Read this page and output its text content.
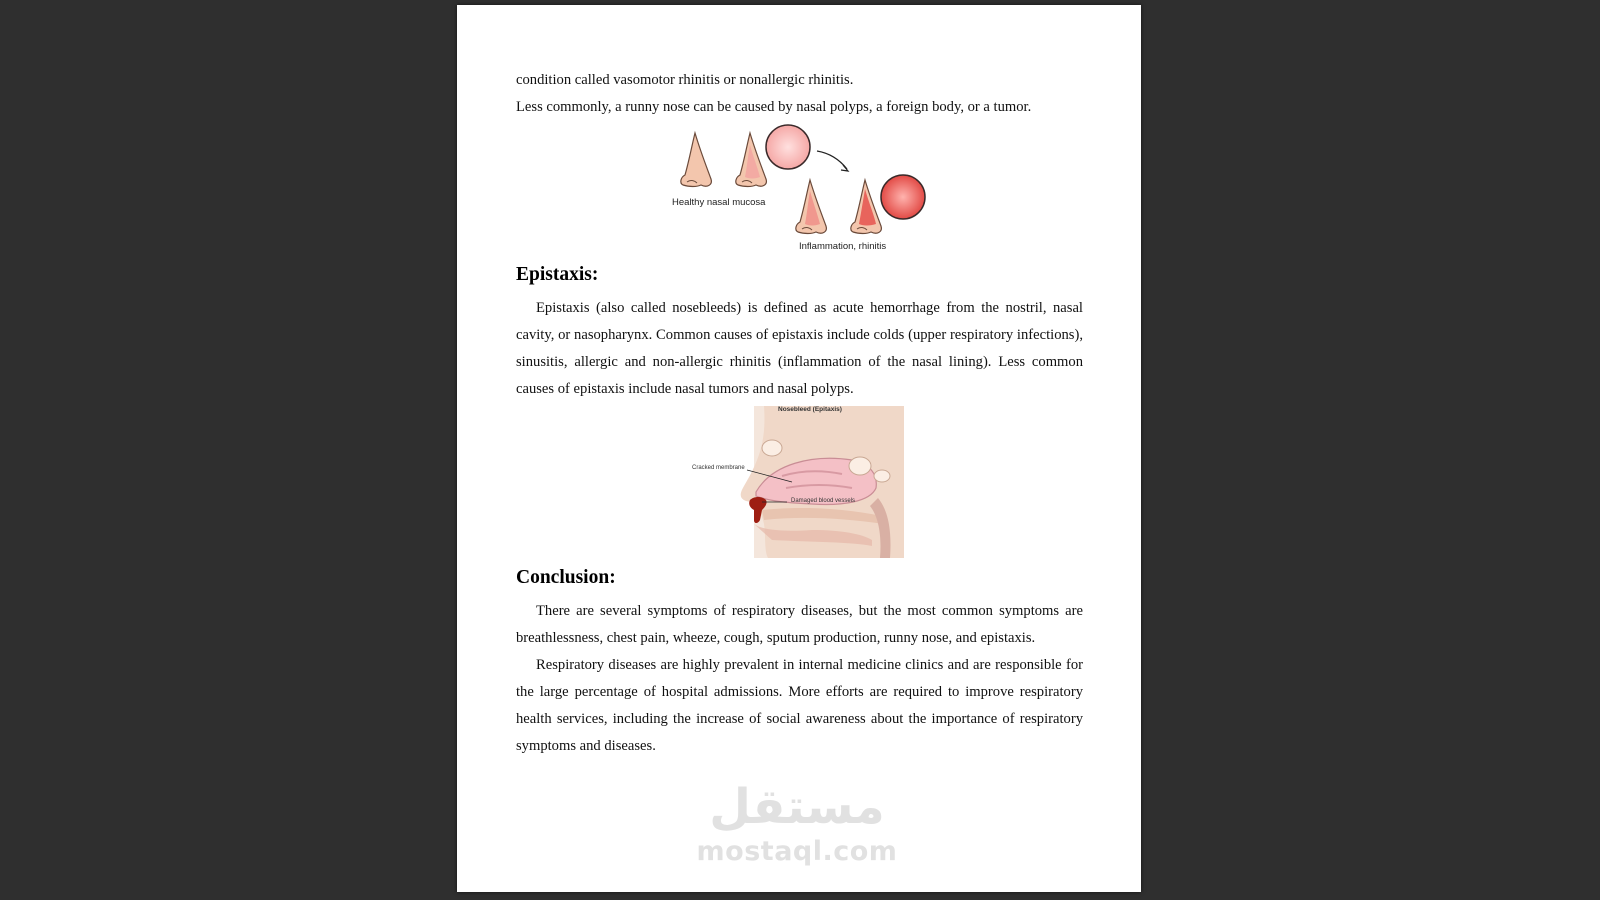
condition called vasomotor rhinitis or nonallergic rhinitis.

Less commonly, a runny nose can be caused by nasal polyps, a foreign body, or a tumor.

Healthy nasal mucosa
Inflammation, rhinitis
Epistaxis:

Epistaxis (also called nosebleeds) is defined as acute hemorrhage from the nostril, nasal cavity, or nasopharynx. Common causes of epistaxis include colds (upper respiratory infections), sinusitis, allergic and non-allergic rhinitis (inflammation of the nasal lining). Less common causes of epistaxis include nasal tumors and nasal polyps.

Nosebleed (Epitaxis)
Cracked membrane
Damaged blood vessels
Conclusion:

There are several symptoms of respiratory diseases, but the most common symptoms are breathlessness, chest pain, wheeze, cough, sputum production, runny nose, and epistaxis.

Respiratory diseases are highly prevalent in internal medicine clinics and are responsible for the large percentage of hospital admissions. More efforts are required to improve respiratory health services, including the increase of social awareness about the importance of respiratory symptoms and diseases.

مستقل
mostaql.com
